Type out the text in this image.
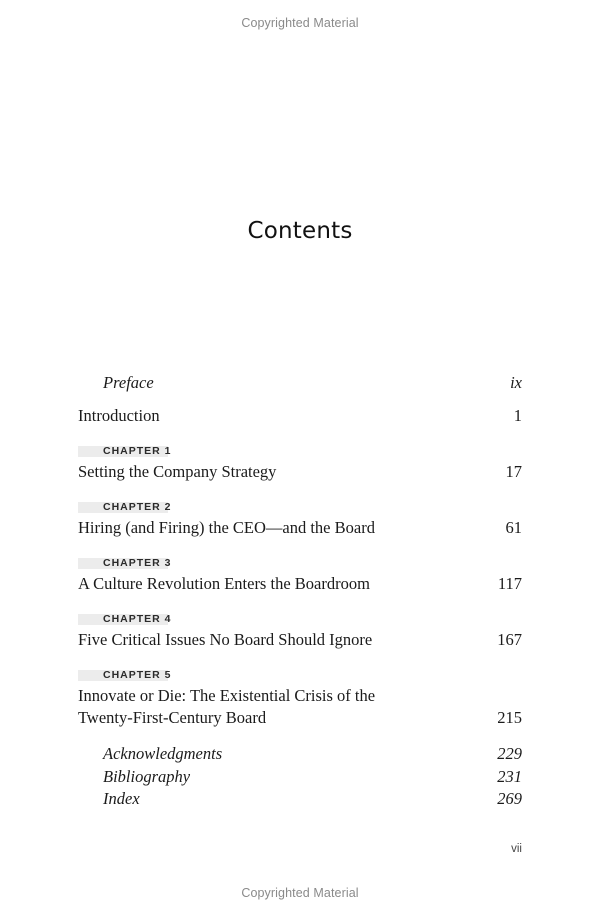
Copyrighted Material
Contents
Preface	ix
Introduction	1
CHAPTER 1
Setting the Company Strategy	17
CHAPTER 2
Hiring (and Firing) the CEO—and the Board	61
CHAPTER 3
A Culture Revolution Enters the Boardroom	117
CHAPTER 4
Five Critical Issues No Board Should Ignore	167
CHAPTER 5
Innovate or Die: The Existential Crisis of the
Twenty-First-Century Board	215
Acknowledgments	229
Bibliography	231
Index	269
vii
Copyrighted Material
